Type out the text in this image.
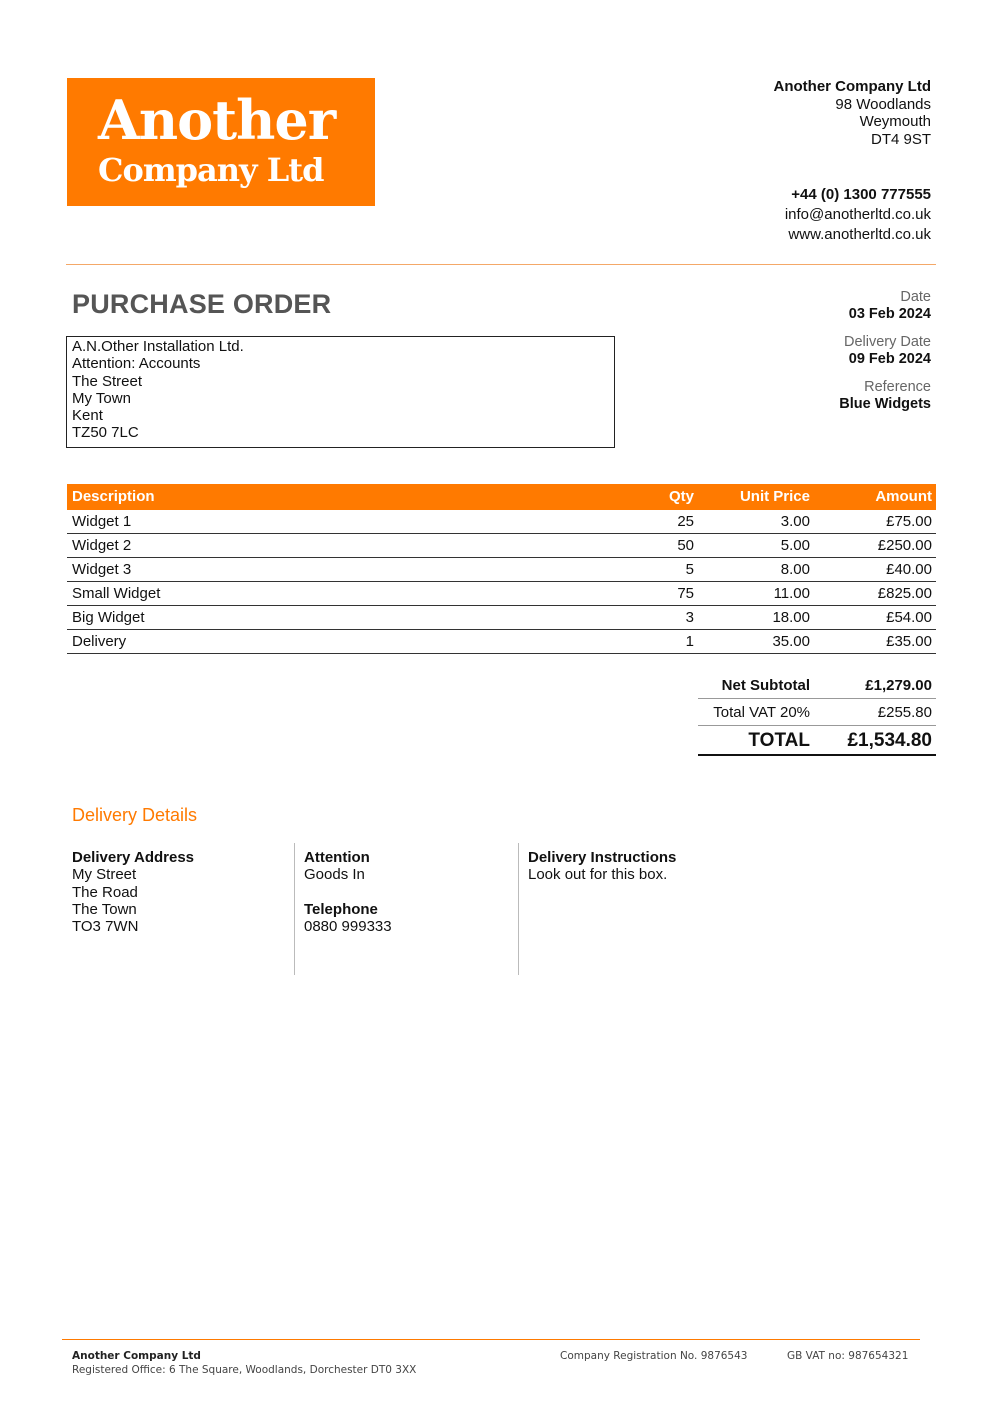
Another
Company Ltd
Another Company Ltd
98 Woodlands
Weymouth
DT4 9ST
+44 (0) 1300 777555
info@anotherltd.co.uk
www.anotherltd.co.uk
PURCHASE ORDER	Date
03 Feb 2024
Delivery Date
09 Feb 2024
Reference
Blue Widgets
A.N.Other Installation Ltd.
Attention: Accounts
The Street
My Town
Kent
TZ50 7LC
Description	Qty	Unit Price	Amount
Widget 1	25	3.00	£75.00
Widget 2	50	5.00	£250.00
Widget 3	5	8.00	£40.00
Small Widget	75	11.00	£825.00
Big Widget	3	18.00	£54.00
Delivery	1	35.00	£35.00
Net Subtotal	£1,279.00
Total VAT 20%	£255.80
TOTAL £1,534.80
Delivery Details
Delivery Address
My Street
The Road
The Town
TO3 7WN
Attention
Goods In
Telephone
0880 999333
Delivery Instructions
Look out for this box.
Another Company Ltd
Registered Office: 6 The Square, Woodlands, Dorchester DT0 3XX
Company Registration No. 9876543	GB VAT no: 987654321
